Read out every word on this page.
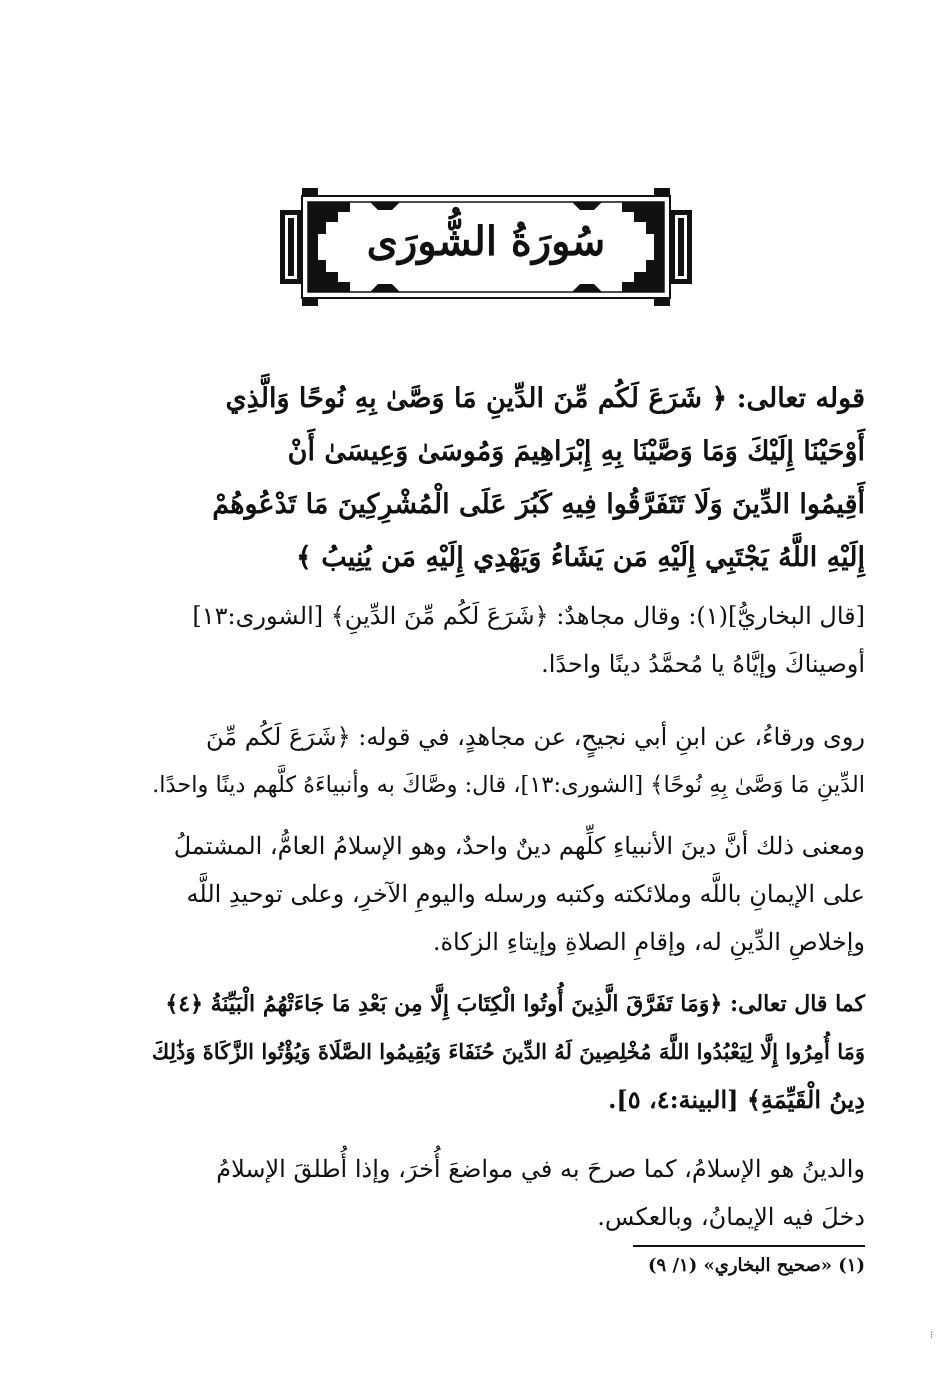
سُورَةُ الشُّورَى
قوله تعالى: ﴿ شَرَعَ لَكُم مِّنَ الدِّينِ مَا وَصَّىٰ بِهِ نُوحًا وَالَّذِي
أَوْحَيْنَا إِلَيْكَ وَمَا وَصَّيْنَا بِهِ إِبْرَاهِيمَ وَمُوسَىٰ وَعِيسَىٰ أَنْ
أَقِيمُوا الدِّينَ وَلَا تَتَفَرَّقُوا فِيهِ كَبُرَ عَلَى الْمُشْرِكِينَ مَا تَدْعُوهُمْ
إِلَيْهِ اللَّهُ يَجْتَبِي إِلَيْهِ مَن يَشَاءُ وَيَهْدِي إِلَيْهِ مَن يُنِيبُ ﴾
[قال البخاريُّ](١): وقال مجاهدٌ: ﴿شَرَعَ لَكُم مِّنَ الدِّينِ﴾ [الشورى:١٣]
أوصيناكَ وإيَّاهُ يا مُحمَّدُ دينًا واحدًا.
روى ورقاءُ، عن ابنِ أبي نجيحٍ، عن مجاهدٍ، في قوله: ﴿شَرَعَ لَكُم مِّنَ
الدِّينِ مَا وَصَّىٰ بِهِ نُوحًا﴾ [الشورى:١٣]، قال: وصَّاكَ به وأنبياءَهُ كلَّهم دينًا واحدًا.
ومعنى ذلك أنَّ دينَ الأنبياءِ كلِّهم دينٌ واحدٌ، وهو الإسلامُ العامُّ، المشتملُ
على الإيمانِ باللَّه وملائكته وكتبه ورسله واليومِ الآخرِ، وعلى توحيدِ اللَّه
وإخلاصِ الدِّينِ له، وإقامِ الصلاةِ وإيتاءِ الزكاة.
كما قال تعالى: ﴿وَمَا تَفَرَّقَ الَّذِينَ أُوتُوا الْكِتَابَ إِلَّا مِن بَعْدِ مَا جَاءَتْهُمُ الْبَيِّنَةُ ﴿٤﴾
وَمَا أُمِرُوا إِلَّا لِيَعْبُدُوا اللَّهَ مُخْلِصِينَ لَهُ الدِّينَ حُنَفَاءَ وَيُقِيمُوا الصَّلَاةَ وَيُؤْتُوا الزَّكَاةَ وَذَٰلِكَ
دِينُ الْقَيِّمَةِ﴾ [البينة:٤، ٥].
والدينُ هو الإسلامُ، كما صرحَ به في مواضعَ أُخرَ، وإذا أُطلقَ الإسلامُ
دخلَ فيه الإيمانُ، وبالعكس.
(١) «صحيح البخاري» (١/ ٩)
⁝
